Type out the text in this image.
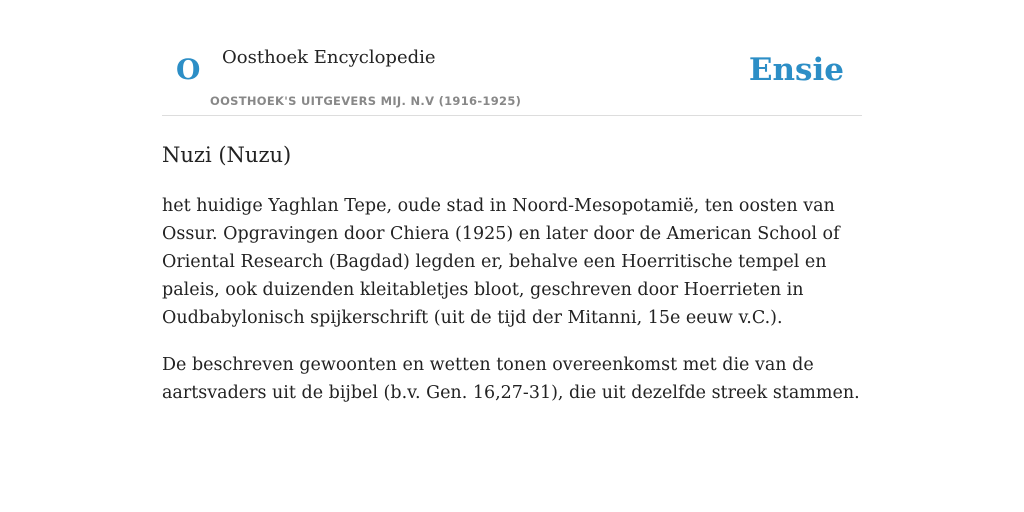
O Oosthoek Encyclopedie
OOSTHOEK'S UITGEVERS MIJ. N.V (1916-1925)
Ensie
Nuzi (Nuzu)

het huidige Yaghlan Tepe, oude stad in Noord-Mesopotamië, ten oosten van Ossur. Opgravingen door Chiera (1925) en later door de American School of Oriental Research (Bagdad) legden er, behalve een Hoerritische tempel en paleis, ook duizenden kleitabletjes bloot, geschreven door Hoerrieten in Oudbabylonisch spijkerschrift (uit de tijd der Mitanni, 15e eeuw v.C.).

De beschreven gewoonten en wetten tonen overeenkomst met die van de aartsvaders uit de bijbel (b.v. Gen. 16,27-31), die uit dezelfde streek stammen.
